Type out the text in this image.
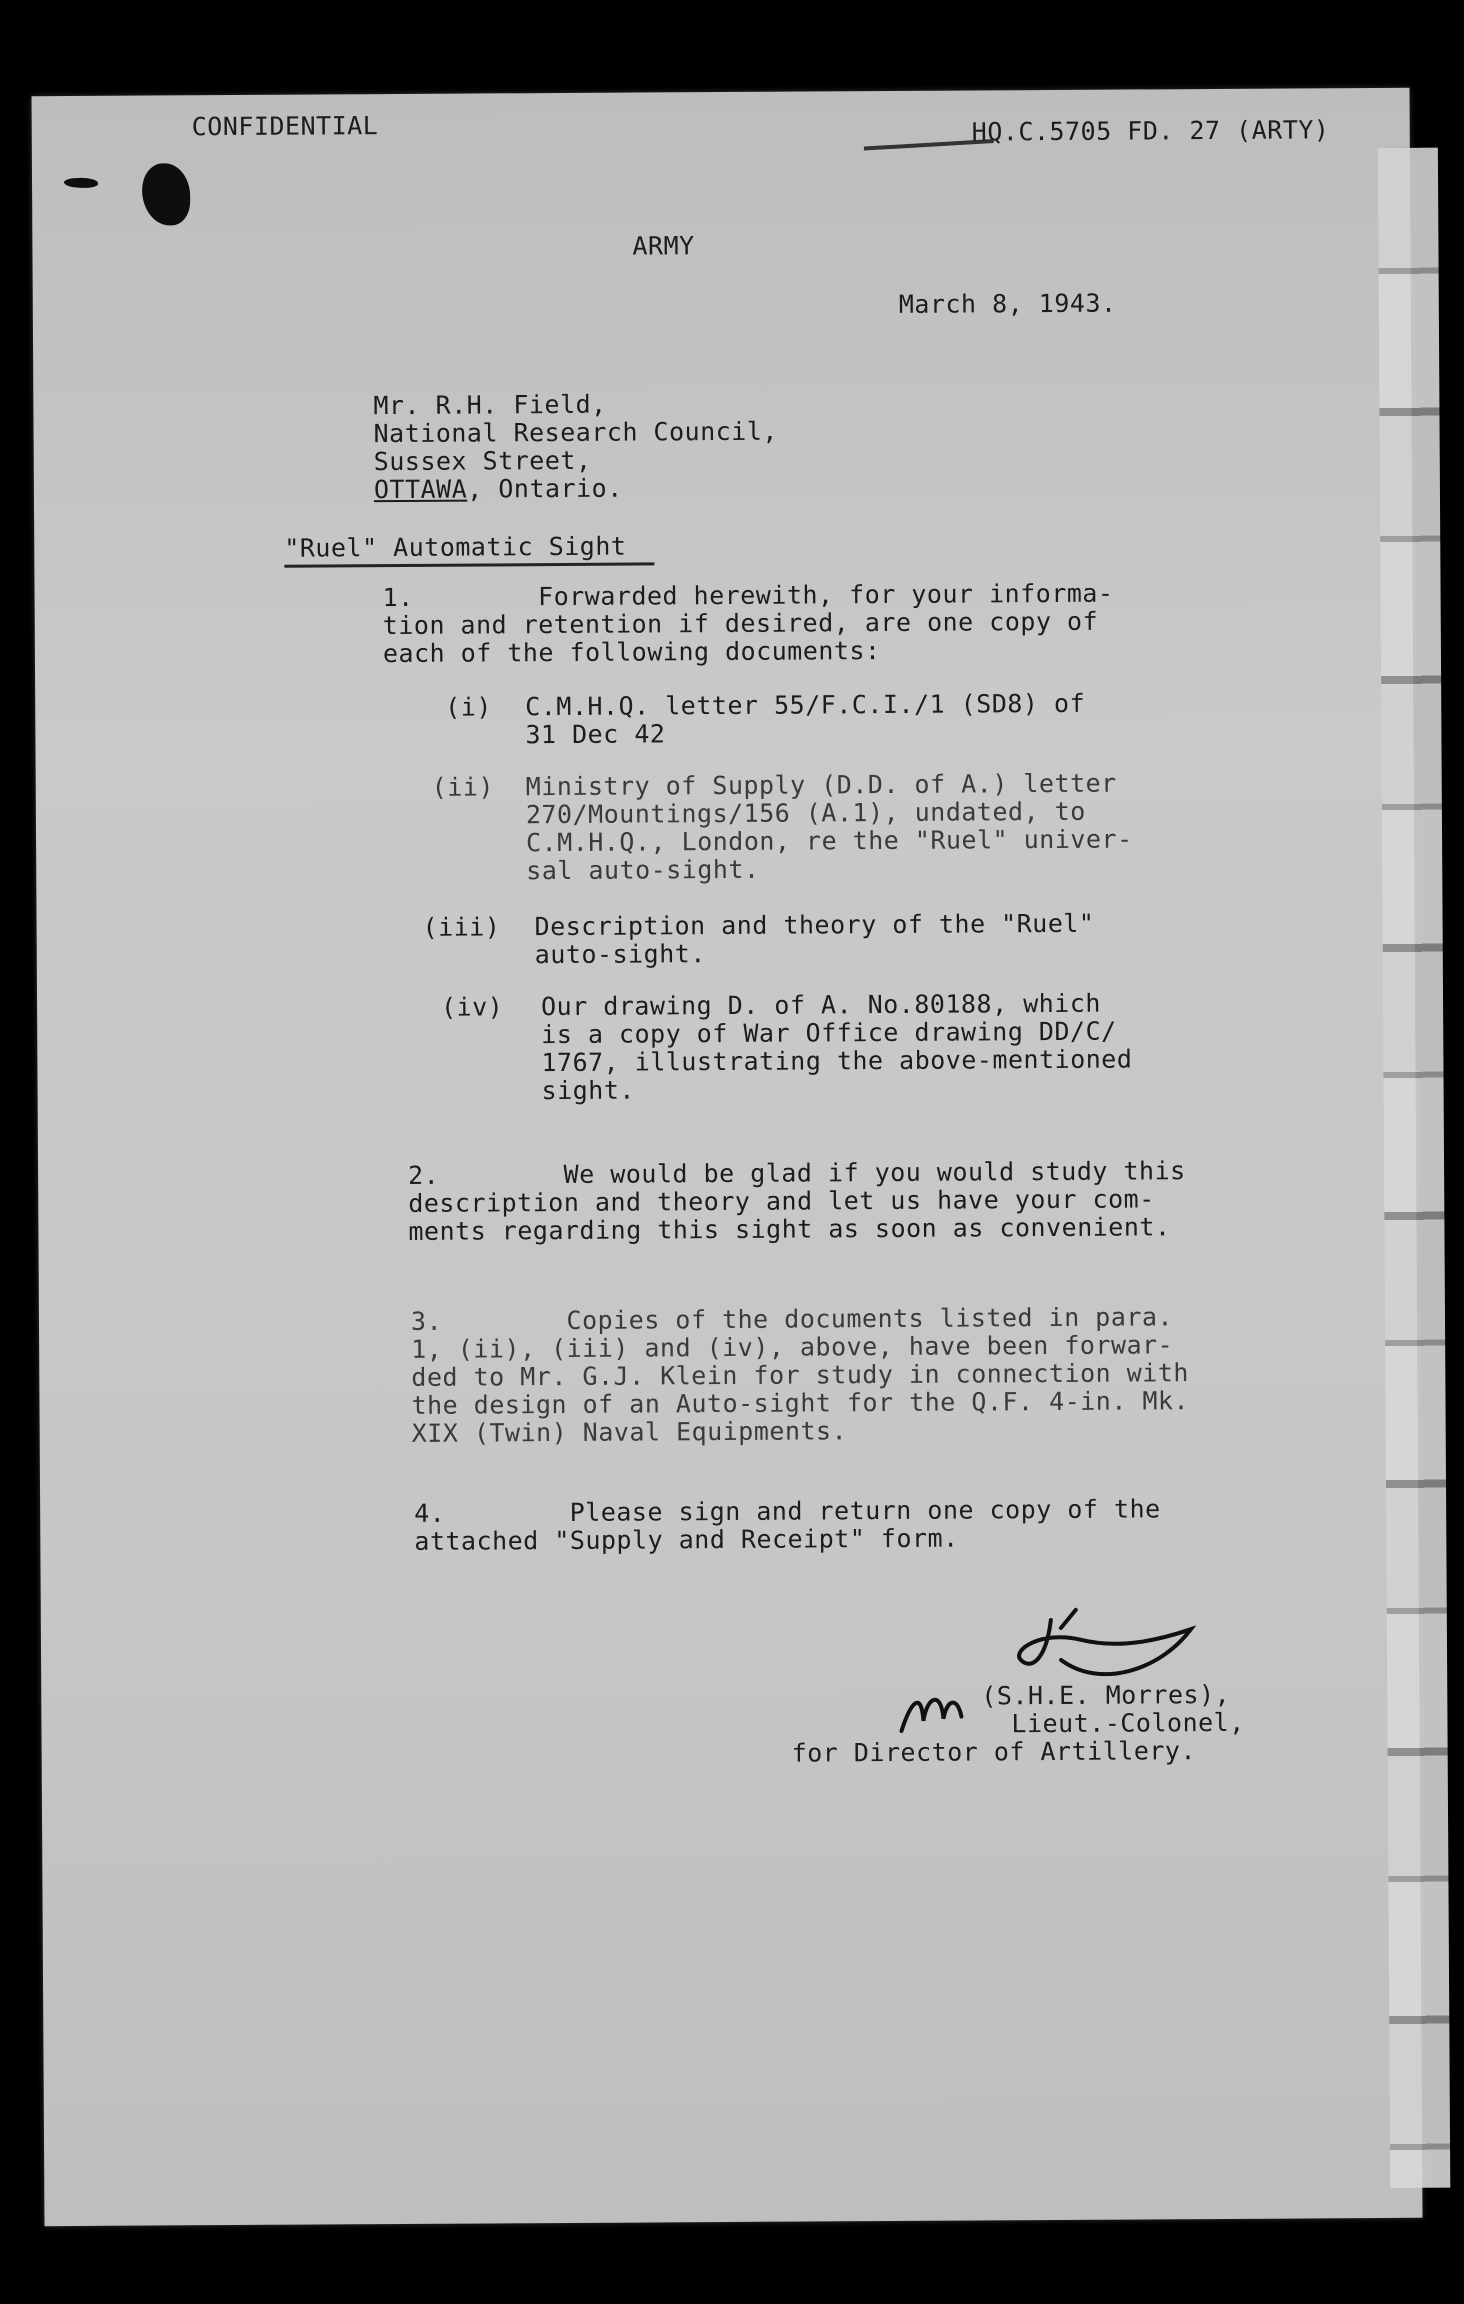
CONFIDENTIAL	HQ.C.5705 FD. 27 (ARTY)
ARMY
March 8, 1943.
Mr. R.H. Field,
National Research Council,
Sussex Street,
OTTAWA, Ontario.
"Ruel" Automatic Sight
1.        Forwarded herewith, for your informa-
tion and retention if desired, are one copy of
each of the following documents:
(i) C.M.H.Q. letter 55/F.C.I./1 (SD8) of
31 Dec 42
(ii) Ministry of Supply (D.D. of A.) letter
270/Mountings/156 (A.1), undated, to
C.M.H.Q., London, re the "Ruel" univer-
sal auto-sight.
(iii) Description and theory of the "Ruel"
auto-sight.
(iv) Our drawing D. of A. No.80188, which
is a copy of War Office drawing DD/C/
1767, illustrating the above-mentioned
sight.
2.        We would be glad if you would study this
description and theory and let us have your com-
ments regarding this sight as soon as convenient.
3.        Copies of the documents listed in para.
1, (ii), (iii) and (iv), above, have been forwar-
ded to Mr. G.J. Klein for study in connection with
the design of an Auto-sight for the Q.F. 4-in. Mk.
XIX (Twin) Naval Equipments.
4.        Please sign and return one copy of the
attached "Supply and Receipt" form.
(S.H.E. Morres),
Lieut.-Colonel,
for Director of Artillery.
